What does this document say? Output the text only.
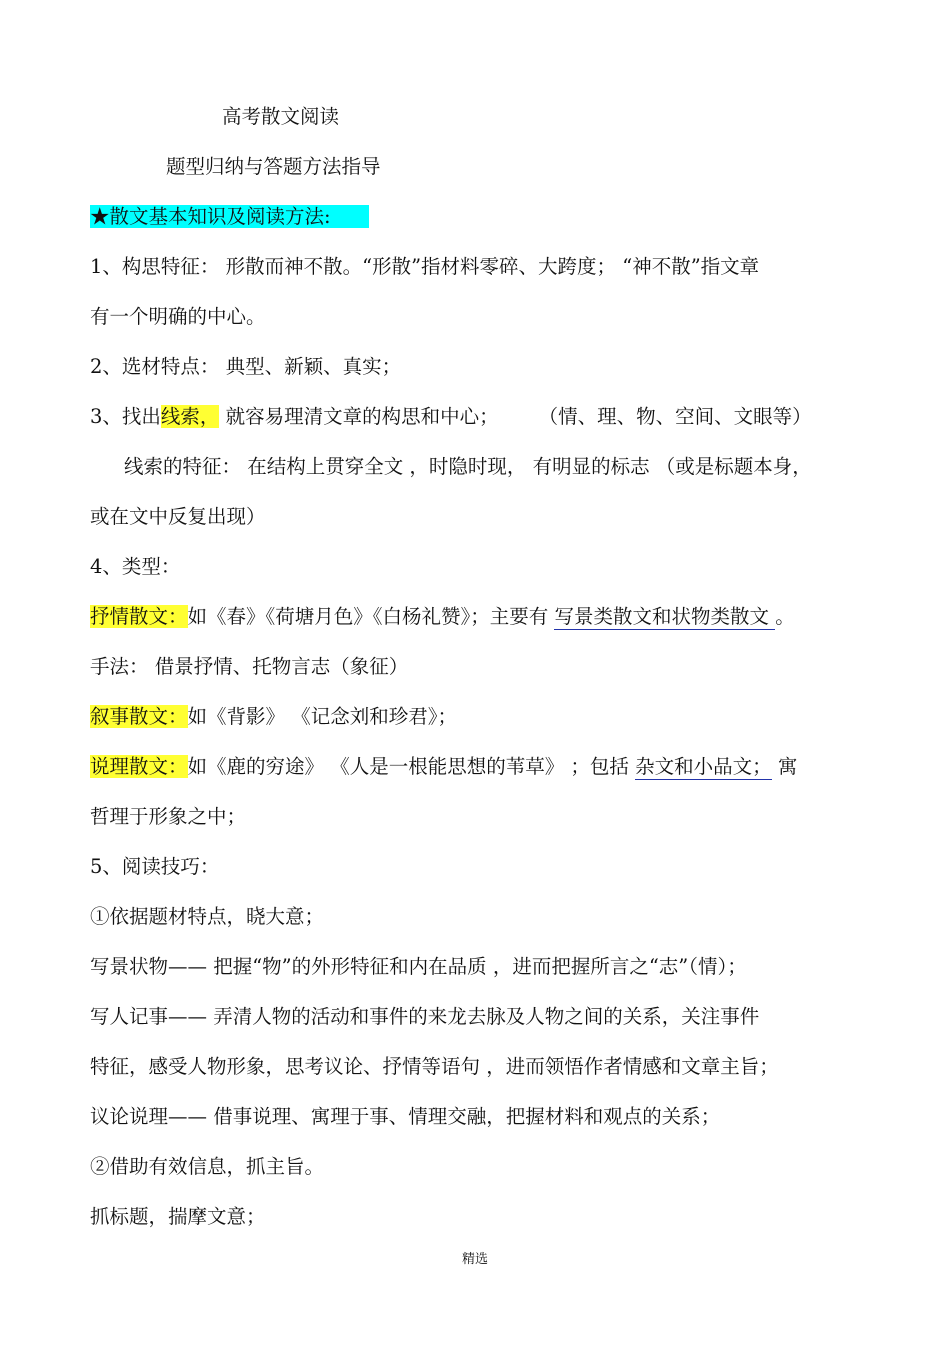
高考散文阅读
题型归纳与答题方法指导
★散文基本知识及阅读方法:
1、构思特征： 形散而神不散。“形散”指材料零碎、大跨度； “神不散”指文章
有一个明确的中心。
2、选材特点： 典型、新颖、真实；
3、找出线索， 就容易理清文章的构思和中心； （情、理、物、空间、文眼等）
线索的特征： 在结构上贯穿全文 ，时隐时现， 有明显的标志 （或是标题本身，
或在文中反复出现）
4、类型：
抒情散文：如《春》《荷塘月色》《白杨礼赞》；主要有 写景类散文和状物类散文 。
手法： 借景抒情、托物言志（象征）
叙事散文：如《背影》 《记念刘和珍君》；
说理散文：如《鹿的穷途》 《人是一根能思想的苇草》 ；包括 杂文和小品文； 寓
哲理于形象之中；
5、阅读技巧：
①依据题材特点，晓大意；
写景状物—— 把握“物”的外形特征和内在品质 ，进而把握所言之“志”（情）；
写人记事—— 弄清人物的活动和事件的来龙去脉及人物之间的关系，关注事件
特征，感受人物形象，思考议论、抒情等语句 ，进而领悟作者情感和文章主旨；
议论说理—— 借事说理、寓理于事、情理交融，把握材料和观点的关系；
②借助有效信息，抓主旨。
抓标题，揣摩文意；
精选
